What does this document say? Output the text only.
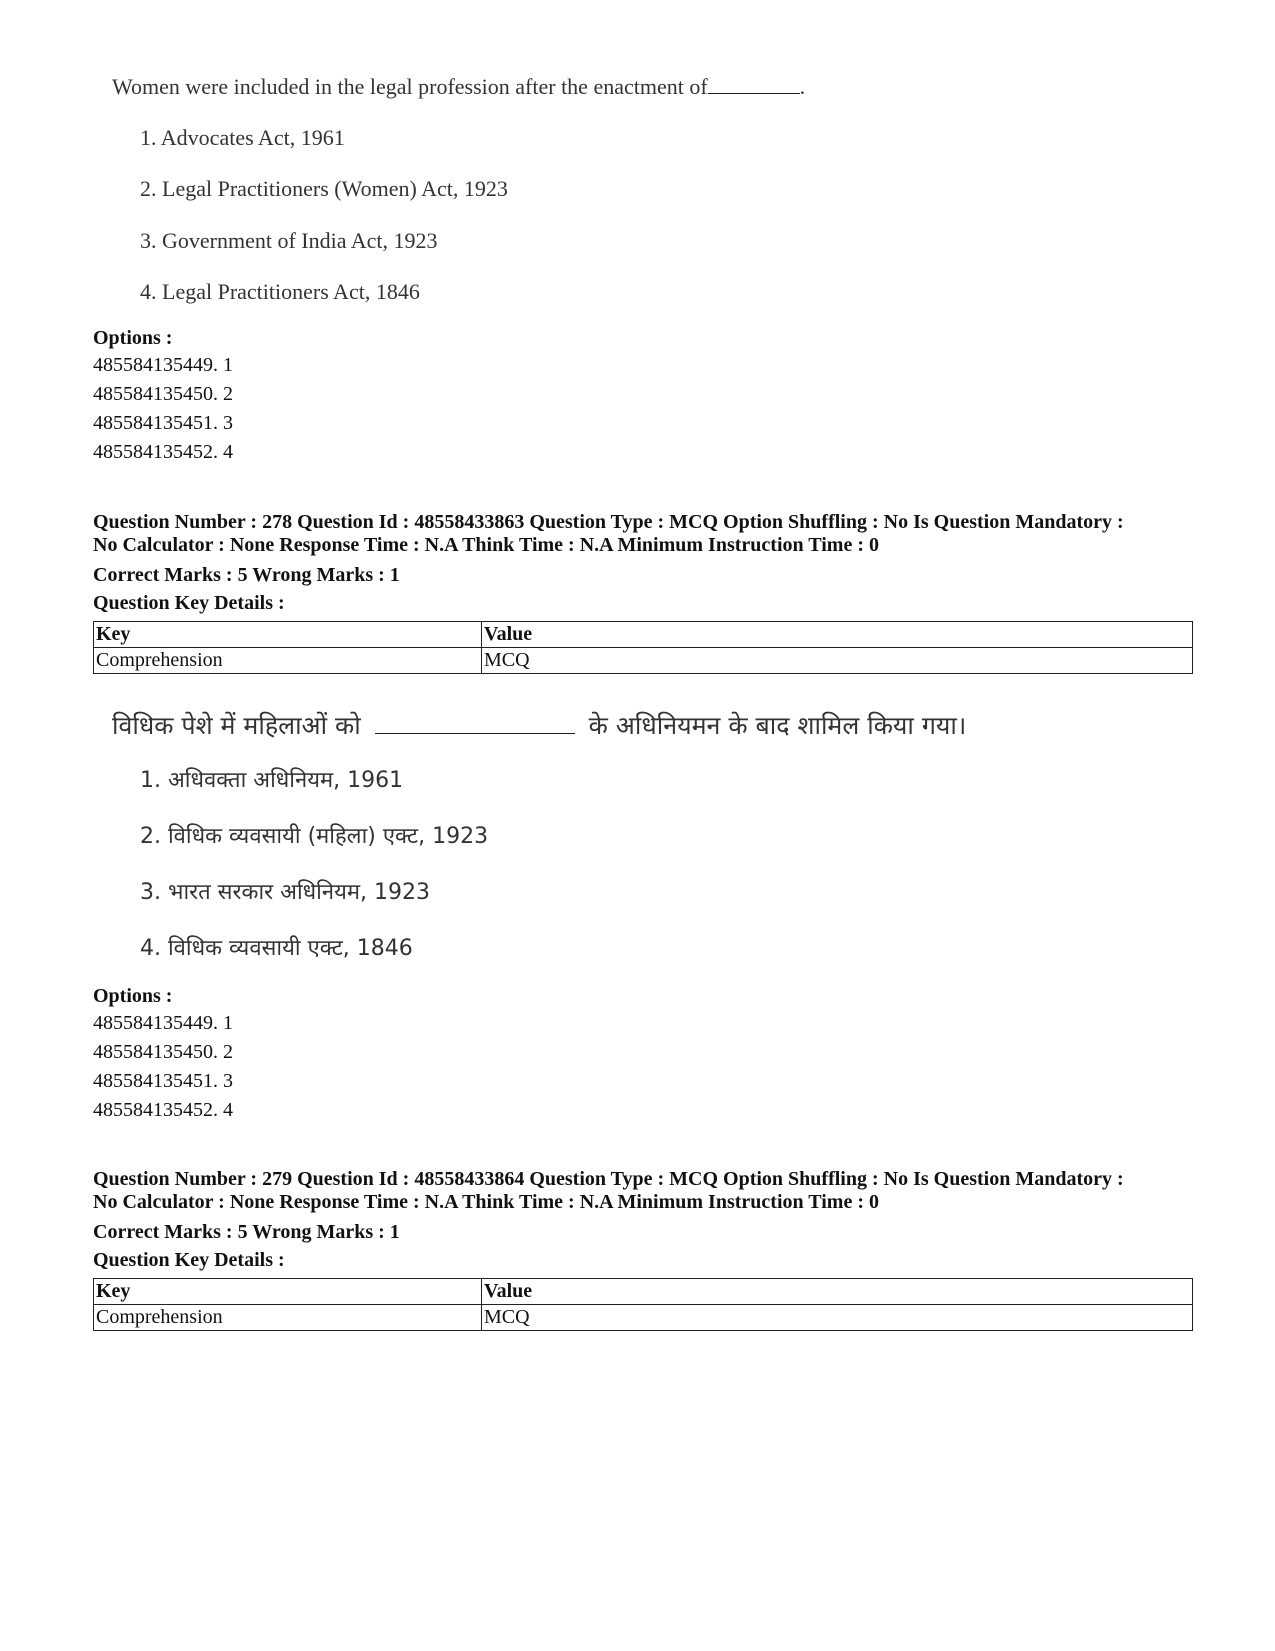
Women were included in the legal profession after the enactment of	.
1. Advocates Act, 1961
2. Legal Practitioners (Women) Act, 1923
3. Government of India Act, 1923
4. Legal Practitioners Act, 1846
Options :
485584135449. 1
485584135450. 2
485584135451. 3
485584135452. 4
Question Number : 278 Question Id : 48558433863 Question Type : MCQ Option Shuffling : No Is Question Mandatory :
No Calculator : None Response Time : N.A Think Time : N.A Minimum Instruction Time : 0
Correct Marks : 5 Wrong Marks : 1
Question Key Details :
Key	Value
Comprehension	MCQ
विधिक पेशे में महिलाओं को	के अधिनियमन के बाद शामिल किया गया।
1. अधिवक्ता अधिनियम, 1961
2. विधिक व्यवसायी (महिला) एक्ट, 1923
3. भारत सरकार अधिनियम, 1923
4. विधिक व्यवसायी एक्ट, 1846
Options :
485584135449. 1
485584135450. 2
485584135451. 3
485584135452. 4
Question Number : 279 Question Id : 48558433864 Question Type : MCQ Option Shuffling : No Is Question Mandatory :
No Calculator : None Response Time : N.A Think Time : N.A Minimum Instruction Time : 0
Correct Marks : 5 Wrong Marks : 1
Question Key Details :
Key	Value
Comprehension	MCQ
